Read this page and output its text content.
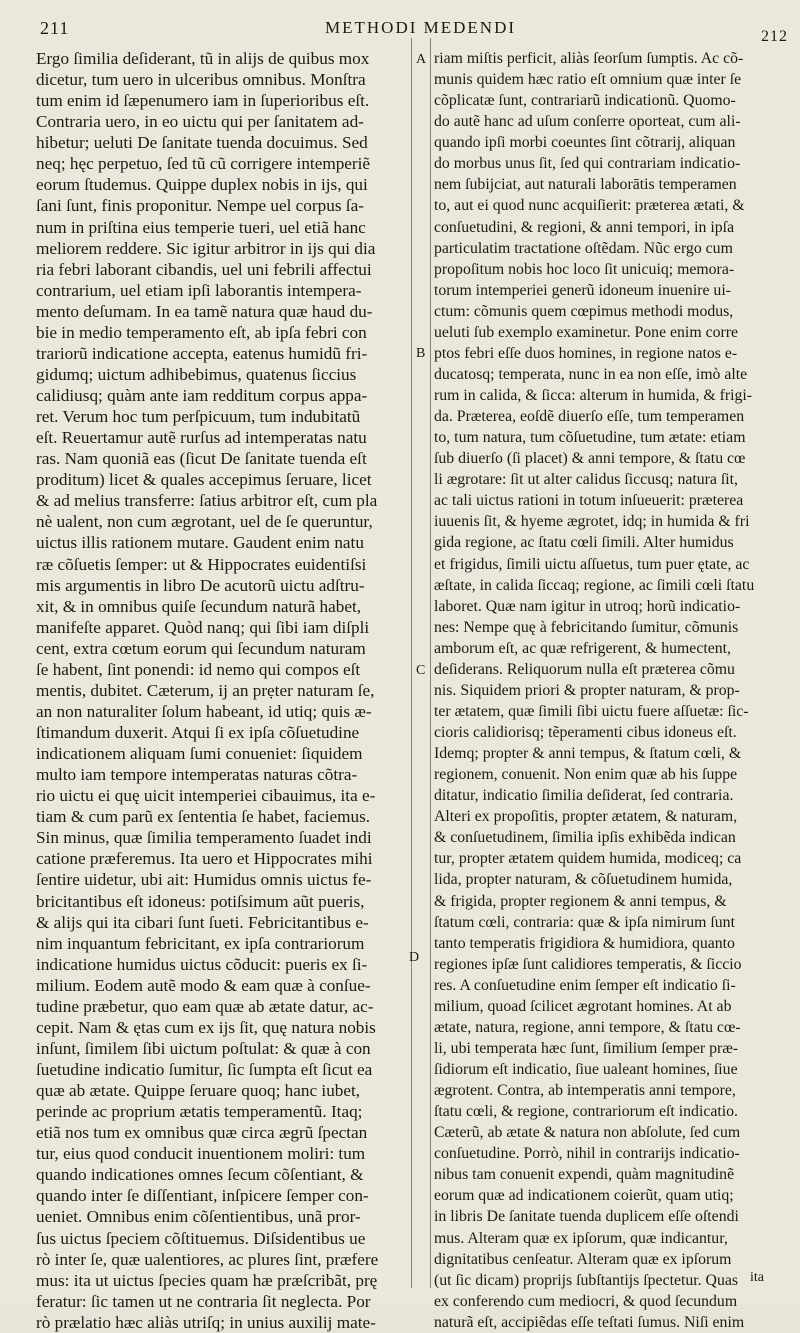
211	METHODI MEDENDI	212
A
B
C
D
Ergo ſimilia deſiderant, tũ in alijs de quibus mox
dicetur, tum uero in ulceribus omnibus. Monſtra
tum enim id ſæpenumero iam in ſuperioribus eſt.
Contraria uero, in eo uictu qui per ſanitatem ad-
hibetur; ueluti De ſanitate tuenda docuimus. Sed
neq; hęc perpetuo, ſed tũ cũ corrigere intemperiẽ
eorum ſtudemus. Quippe duplex nobis in ijs, qui
ſani ſunt, finis proponitur. Nempe uel corpus ſa-
num in priſtina eius temperie tueri, uel etiã hanc
meliorem reddere. Sic igitur arbitror in ijs qui dia
ria febri laborant cibandis, uel uni febrili affectui
contrarium, uel etiam ipſi laborantis intempera-
mento deſumam. In ea tamẽ natura quæ haud du-
bie in medio temperamento eſt, ab ipſa febri con
trariorũ indicatione accepta, eatenus humidũ fri-
gidumq; uictum adhibebimus, quatenus ſiccius
calidiusq; quàm ante iam redditum corpus appa-
ret. Verum hoc tum perſpicuum, tum indubitatũ
eſt. Reuertamur autẽ rurſus ad intemperatas natu
ras. Nam quoniã eas (ſicut De ſanitate tuenda eſt
proditum) licet & quales accepimus ſeruare, licet
& ad melius transferre: ſatius arbitror eſt, cum pla
nè ualent, non cum ægrotant, uel de ſe queruntur,
uictus illis rationem mutare. Gaudent enim natu
ræ cõſuetis ſemper: ut & Hippocrates euidentiſsi
mis argumentis in libro De acutorũ uictu adſtru-
xit, & in omnibus quiſe ſecundum naturã habet,
manifeſte apparet. Quòd nanq; qui ſibi iam diſpli
cent, extra cœtum eorum qui ſecundum naturam
ſe habent, ſint ponendi: id nemo qui compos eſt
mentis, dubitet. Cæterum, ij an prẹter naturam ſe,
an non naturaliter ſolum habeant, id utiq; quis æ-
ſtimandum duxerit. Atqui ſi ex ipſa cõſuetudine
indicationem aliquam ſumi conueniet: ſiquidem
multo iam tempore intemperatas naturas cõtra-
rio uictu ei quę uicit intemperiei cibauimus, ita e-
tiam & cum parũ ex ſententia ſe habet, faciemus.
Sin minus, quæ ſimilia temperamento ſuadet indi
catione præferemus. Ita uero et Hippocrates mihi
ſentire uidetur, ubi ait: Humidus omnis uictus fe-
bricitantibus eſt idoneus: potiſsimum aũt pueris,
& alijs qui ita cibari ſunt ſueti. Febricitantibus e-
nim inquantum febricitant, ex ipſa contrariorum
indicatione humidus uictus cõducit: pueris ex ſi-
milium. Eodem autẽ modo & eam quæ à conſue-
tudine præbetur, quo eam quæ ab ætate datur, ac-
cepit. Nam & ętas cum ex ijs ſit, quę natura nobis
inſunt, ſimilem ſibi uictum poſtulat: & quæ à con
ſuetudine indicatio ſumitur, ſic ſumpta eſt ſicut ea
quæ ab ætate. Quippe ſeruare quoq; hanc iubet,
perinde ac proprium ætatis temperamentũ. Itaq;
etiã nos tum ex omnibus quæ circa ægrũ ſpectan
tur, eius quod conducit inuentionem moliri: tum
quando indicationes omnes ſecum cõſentiant, &
quando inter ſe diſſentiant, inſpicere ſemper con-
ueniet. Omnibus enim cõſentientibus, unã pror-
ſus uictus ſpeciem cõſtituemus. Diſsidentibus ue
rò inter ſe, quæ ualentiores, ac plures ſint, præfere
mus: ita ut uictus ſpecies quam hæ præſcribãt, prę
feratur: ſic tamen ut ne contraria ſit neglecta. Por
rò prælatio hæc aliàs utriſq; in unius auxilij mate-
riam miſtis perficit, aliàs ſeorſum ſumptis. Ac cõ-
munis quidem hæc ratio eſt omnium quæ inter ſe
cõplicatæ ſunt, contrariarũ indicationũ. Quomo-
do autẽ hanc ad uſum conſerre oporteat, cum ali-
quando ipſi morbi coeuntes ſint cõtrarij, aliquan
do morbus unus ſit, ſed qui contrariam indicatio-
nem ſubijciat, aut naturali laborātis temperamen
to, aut ei quod nunc acquiſierit: præterea ætati, &
conſuetudini, & regioni, & anni tempori, in ipſa
particulatim tractatione oſtẽdam. Nũc ergo cum
propoſitum nobis hoc loco ſit unicuiq; memora-
torum intemperiei generũ idoneum inuenire ui-
ctum: cõmunis quem cœpimus methodi modus,
ueluti ſub exemplo examinetur. Pone enim corre
ptos febri eſſe duos homines, in regione natos e-
ducatosq; temperata, nunc in ea non eſſe, imò alte
rum in calida, & ſicca: alterum in humida, & frigi-
da. Præterea, eoſdẽ diuerſo eſſe, tum temperamen
to, tum natura, tum cõſuetudine, tum ætate: etiam
ſub diuerſo (ſi placet) & anni tempore, & ſtatu cœ
li ægrotare: ſit ut alter calidus ſiccusq; natura ſit,
ac tali uictus rationi in totum inſueuerit: præterea
iuuenis ſit, & hyeme ægrotet, idq; in humida & fri
gida regione, ac ſtatu cœli ſimili. Alter humidus
et frigidus, ſimili uictu aſſuetus, tum puer ętate, ac
æſtate, in calida ſiccaq; regione, ac ſimili cœli ſtatu
laboret. Quæ nam igitur in utroq; horũ indicatio-
nes: Nempe quę à febricitando ſumitur, cõmunis
amborum eſt, ac quæ refrigerent, & humectent,
deſiderans. Reliquorum nulla eſt præterea cõmu
nis. Siquidem priori & propter naturam, & prop-
ter ætatem, quæ ſimili ſibi uictu fuere aſſuetæ: ſic-
cioris calidiorisq; tẽperamenti cibus idoneus eſt.
Idemq; propter & anni tempus, & ſtatum cœli, &
regionem, conuenit. Non enim quæ ab his ſuppe
ditatur, indicatio ſimilia deſiderat, ſed contraria.
Alteri ex propoſitis, propter ætatem, & naturam,
& conſuetudinem, ſimilia ipſis exhibẽda indican
tur, propter ætatem quidem humida, modiceq; ca
lida, propter naturam, & cõſuetudinem humida,
& frigida, propter regionem & anni tempus, &
ſtatum cœli, contraria: quæ & ipſa nimirum ſunt
tanto temperatis frigidiora & humidiora, quanto
regiones ipſæ ſunt calidiores temperatis, & ſiccio
res. A conſuetudine enim ſemper eſt indicatio ſi-
milium, quoad ſcilicet ægrotant homines. At ab
ætate, natura, regione, anni tempore, & ſtatu cœ-
li, ubi temperata hæc ſunt, ſimilium ſemper præ-
ſidiorum eſt indicatio, ſiue ualeant homines, ſiue
ægrotent. Contra, ab intemperatis anni tempore,
ſtatu cœli, & regione, contrariorum eſt indicatio.
Cæterũ, ab ætate & natura non abſolute, ſed cum
conſuetudine. Porrò, nihil in contrarijs indicatio-
nibus tam conuenit expendi, quàm magnitudinẽ
eorum quæ ad indicationem coierũt, quam utiq;
in libris De ſanitate tuenda duplicem eſſe oſtendi
mus. Alteram quæ ex ipſorum, quæ indicantur,
dignitatibus cenſeatur. Alteram quæ ex ipſorum
(ut ſic dicam) proprijs ſubſtantijs ſpectetur. Quas
ex conferendo cum mediocri, & quod ſecundum
naturã eſt, accipiẽdas eſſe teſtati ſumus. Niſi enim
ita
